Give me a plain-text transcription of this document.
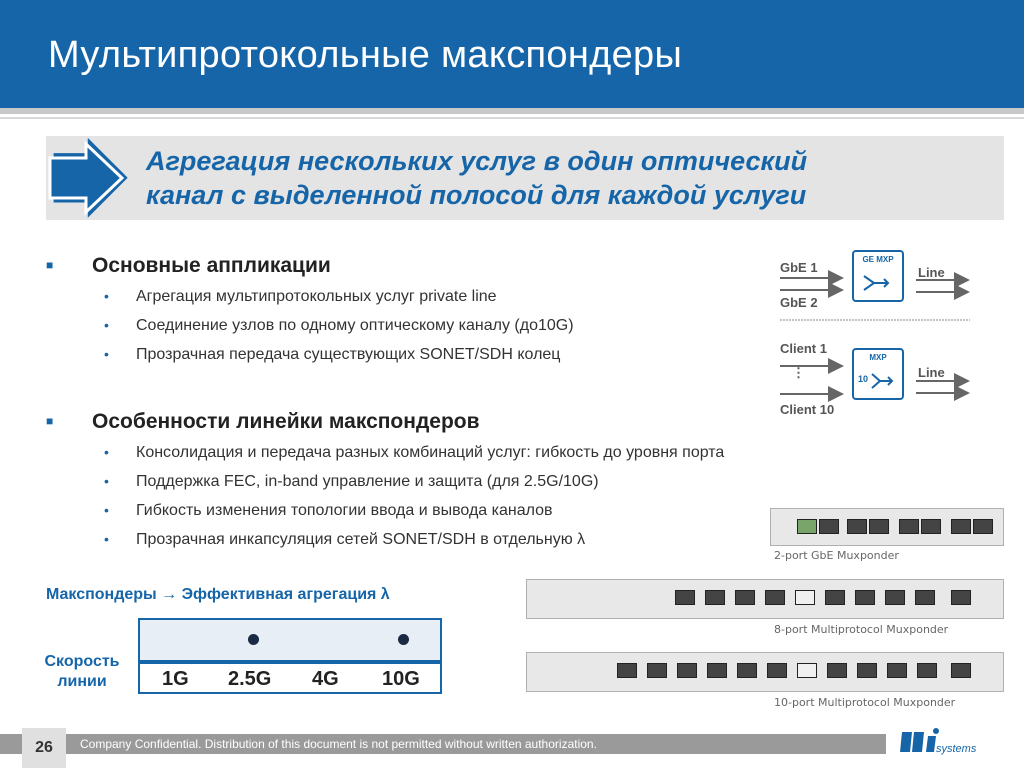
Мультипротокольные макспондеры
Агрегация нескольких услуг в один оптический
канал с выделенной полосой для каждой услуги
■ Основные аппликации
• Агрегация мультипротокольных услуг private line
• Соединение узлов по одному оптическому каналу (до10G)
• Прозрачная передача существующих SONET/SDH колец
■ Особенности линейки макспондеров
• Консолидация и передача разных комбинаций услуг: гибкость до уровня порта
• Поддержка FEC, in-band управление и защита (для 2.5G/10G)
• Гибкость изменения топологии ввода и вывода каналов
• Прозрачная инкапсуляция сетей SONET/SDH в отдельную λ
GbE 1
GbE 2
GE MXP
Line
Client 1
⋮
Client 10
MXP
10	Line
2-port GbE Muxponder
8-port Multiprotocol Muxponder
10-port Multiprotocol Muxponder
Макспондеры → Эффективная агрегация λ
Скорость линии	1G 2.5G 4G 10G
26	Company Confidential. Distribution of this document is not permitted without written authorization.	systems
